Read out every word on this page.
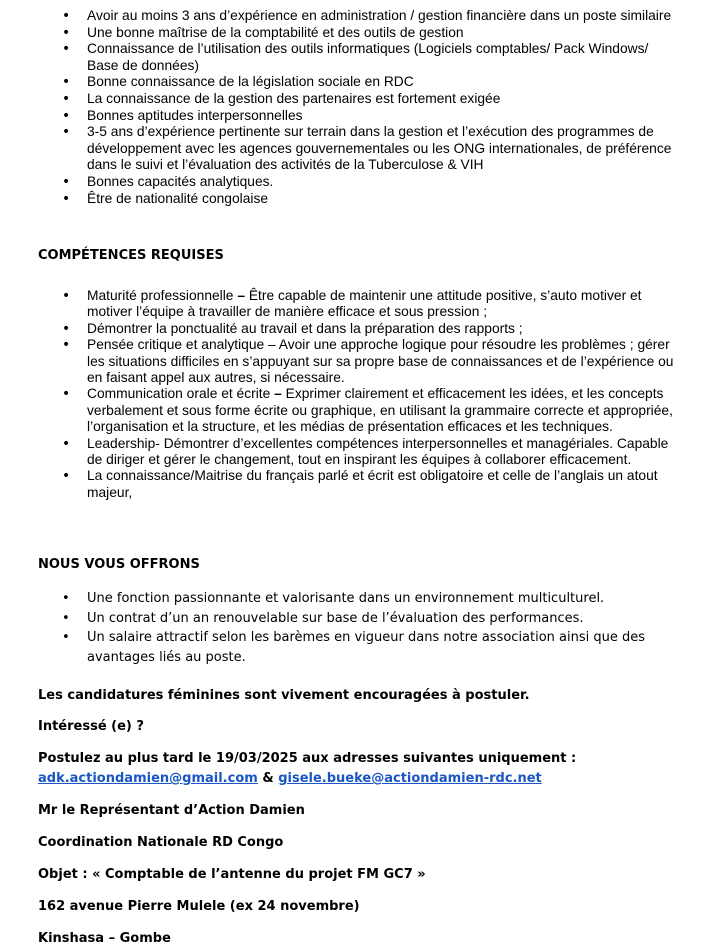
• Avoir au moins 3 ans d’expérience en administration / gestion financière dans un poste similaire
• Une bonne maîtrise de la comptabilité et des outils de gestion
• Connaissance de l’utilisation des outils informatiques (Logiciels comptables/ Pack Windows/ Base de données)
• Bonne connaissance de la législation sociale en RDC
• La connaissance de la gestion des partenaires est fortement exigée
• Bonnes aptitudes interpersonnelles
• 3-5 ans d’expérience pertinente sur terrain dans la gestion et l’exécution des programmes de développement avec les agences gouvernementales ou les ONG internationales, de préférence dans le suivi et l’évaluation des activités de la Tuberculose & VIH
• Bonnes capacités analytiques.
• Être de nationalité congolaise
COMPÉTENCES REQUISES
• Maturité professionnelle – Être capable de maintenir une attitude positive, s’auto motiver et motiver l’équipe à travailler de manière efficace et sous pression ;
• Démontrer la ponctualité au travail et dans la préparation des rapports ;
• Pensée critique et analytique – Avoir une approche logique pour résoudre les problèmes ; gérer les situations difficiles en s’appuyant sur sa propre base de connaissances et de l’expérience ou en faisant appel aux autres, si nécessaire.
• Communication orale et écrite – Exprimer clairement et efficacement les idées, et les concepts verbalement et sous forme écrite ou graphique, en utilisant la grammaire correcte et appropriée, l’organisation et la structure, et les médias de présentation efficaces et les techniques.
• Leadership- Démontrer d’excellentes compétences interpersonnelles et managériales. Capable de diriger et gérer le changement, tout en inspirant les équipes à collaborer efficacement.
• La connaissance/Maitrise du français parlé et écrit est obligatoire et celle de l’anglais un atout majeur,
NOUS VOUS OFFRONS
• Une fonction passionnante et valorisante dans un environnement multiculturel.
• Un contrat d’un an renouvelable sur base de l’évaluation des performances.
• Un salaire attractif selon les barèmes en vigueur dans notre association ainsi que des avantages liés au poste.
Les candidatures féminines sont vivement encouragées à postuler.
Intéressé (e) ?
Postulez au plus tard le 19/03/2025 aux adresses suivantes uniquement :
adk.actiondamien@gmail.com & gisele.bueke@actiondamien-rdc.net
Mr le Représentant d’Action Damien
Coordination Nationale RD Congo
Objet : « Comptable de l’antenne du projet FM GC7 »
162 avenue Pierre Mulele (ex 24 novembre)
Kinshasa – Gombe
